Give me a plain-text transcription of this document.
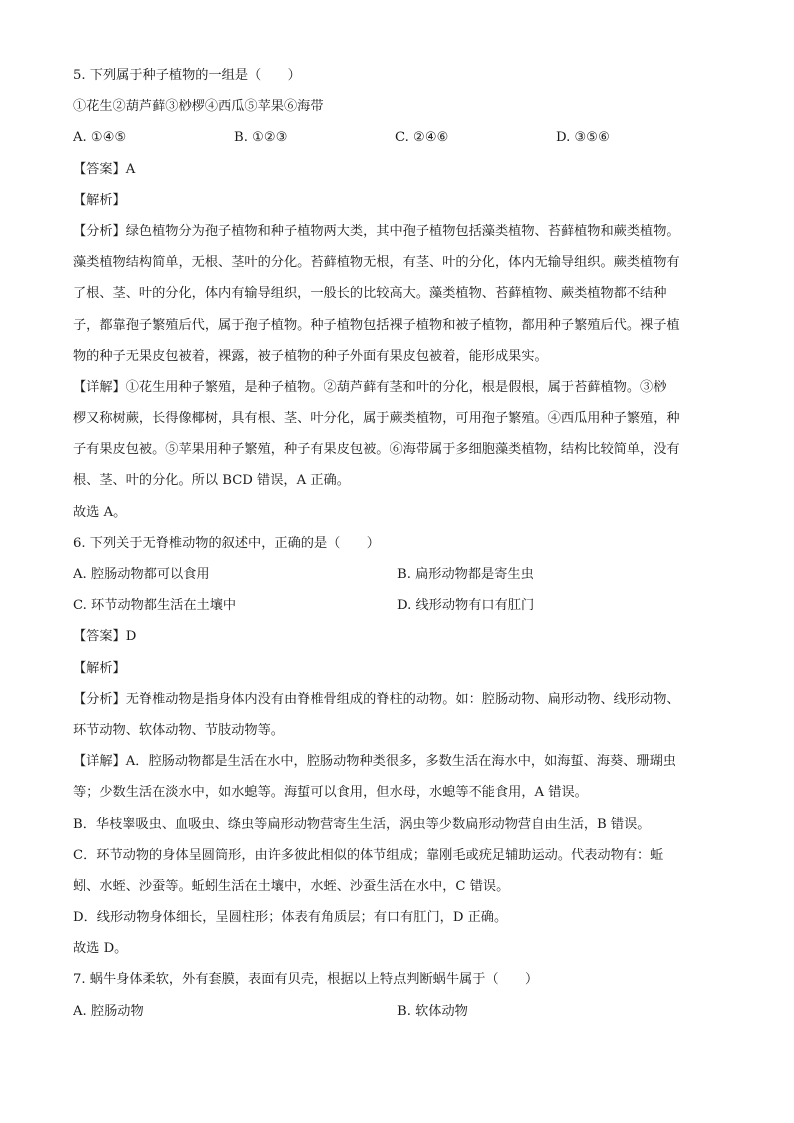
5. 下列属于种子植物的一组是（　　）
①花生②葫芦藓③桫椤④西瓜⑤苹果⑥海带
A. ①④⑤	B. ①②③	C. ②④⑥	D. ③⑤⑥
【答案】A
【解析】
【分析】绿色植物分为孢子植物和种子植物两大类，其中孢子植物包括藻类植物、苔藓植物和蕨类植物。
藻类植物结构简单，无根、茎叶的分化。苔藓植物无根，有茎、叶的分化，体内无输导组织。蕨类植物有
了根、茎、叶的分化，体内有输导组织，一般长的比较高大。藻类植物、苔藓植物、蕨类植物都不结种
子，都靠孢子繁殖后代，属于孢子植物。种子植物包括裸子植物和被子植物，都用种子繁殖后代。裸子植
物的种子无果皮包被着，裸露，被子植物的种子外面有果皮包被着，能形成果实。
【详解】①花生用种子繁殖，是种子植物。②葫芦藓有茎和叶的分化，根是假根，属于苔藓植物。③桫
椤又称树蕨，长得像椰树，具有根、茎、叶分化，属于蕨类植物，可用孢子繁殖。④西瓜用种子繁殖，种
子有果皮包被。⑤苹果用种子繁殖，种子有果皮包被。⑥海带属于多细胞藻类植物，结构比较简单，没有
根、茎、叶的分化。所以 BCD 错误，A 正确。
故选 A。
6. 下列关于无脊椎动物的叙述中，正确的是（　　）
A. 腔肠动物都可以食用	B. 扁形动物都是寄生虫
C. 环节动物都生活在土壤中	D. 线形动物有口有肛门
【答案】D
【解析】
【分析】无脊椎动物是指身体内没有由脊椎骨组成的脊柱的动物。如：腔肠动物、扁形动物、线形动物、
环节动物、软体动物、节肢动物等。
【详解】A．腔肠动物都是生活在水中，腔肠动物种类很多，多数生活在海水中，如海蜇、海葵、珊瑚虫
等；少数生活在淡水中，如水螅等。海蜇可以食用，但水母，水螅等不能食用，A 错误。
B．华枝睾吸虫、血吸虫、绦虫等扁形动物营寄生生活，涡虫等少数扁形动物营自由生活，B 错误。
C．环节动物的身体呈圆筒形，由许多彼此相似的体节组成；靠刚毛或疣足辅助运动。代表动物有：蚯
蚓、水蛭、沙蚕等。蚯蚓生活在土壤中，水蛭、沙蚕生活在水中，C 错误。
D．线形动物身体细长，呈圆柱形；体表有角质层；有口有肛门，D 正确。
故选 D。
7. 蜗牛身体柔软，外有套膜，表面有贝壳，根据以上特点判断蜗牛属于（　　）
A. 腔肠动物	B. 软体动物
